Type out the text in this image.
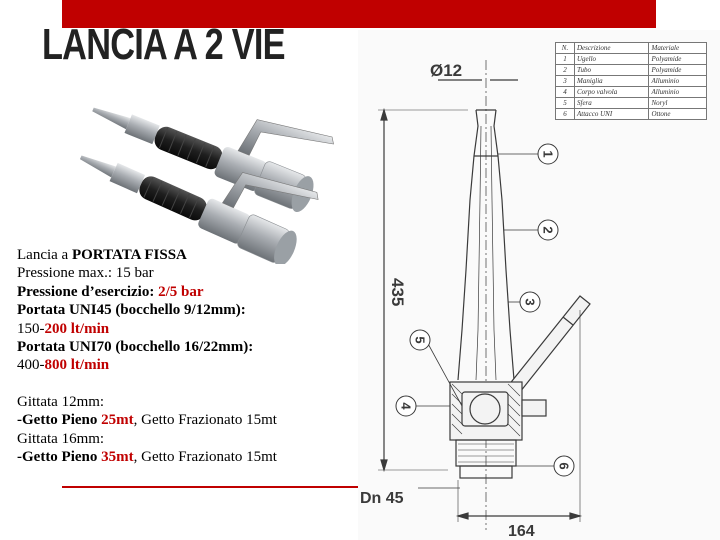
LANCIA A 2 VIE
Lancia a PORTATA FISSA
Pressione max.: 15 bar
Pressione d’esercizio: 2/5 bar
Portata UNI45 (bocchello 9/12mm):
150-200 lt/min
Portata UNI70 (bocchello 16/22mm):
400-800 lt/min
Gittata 12mm:
-Getto Pieno 25mt, Getto Frazionato 15mt
Gittata 16mm:
-Getto Pieno 35mt, Getto Frazionato 15mt
Ø12
435
Dn 45
164
1
2
3
5
4
6
N.	Descrizione	Materiale
1	Ugello	Polyamide
2	Tubo	Polyamide
3	Maniglia	Alluminio
4	Corpo valvola	Alluminio
5	Sfera	Noryl
6	Attacco UNI	Ottone
